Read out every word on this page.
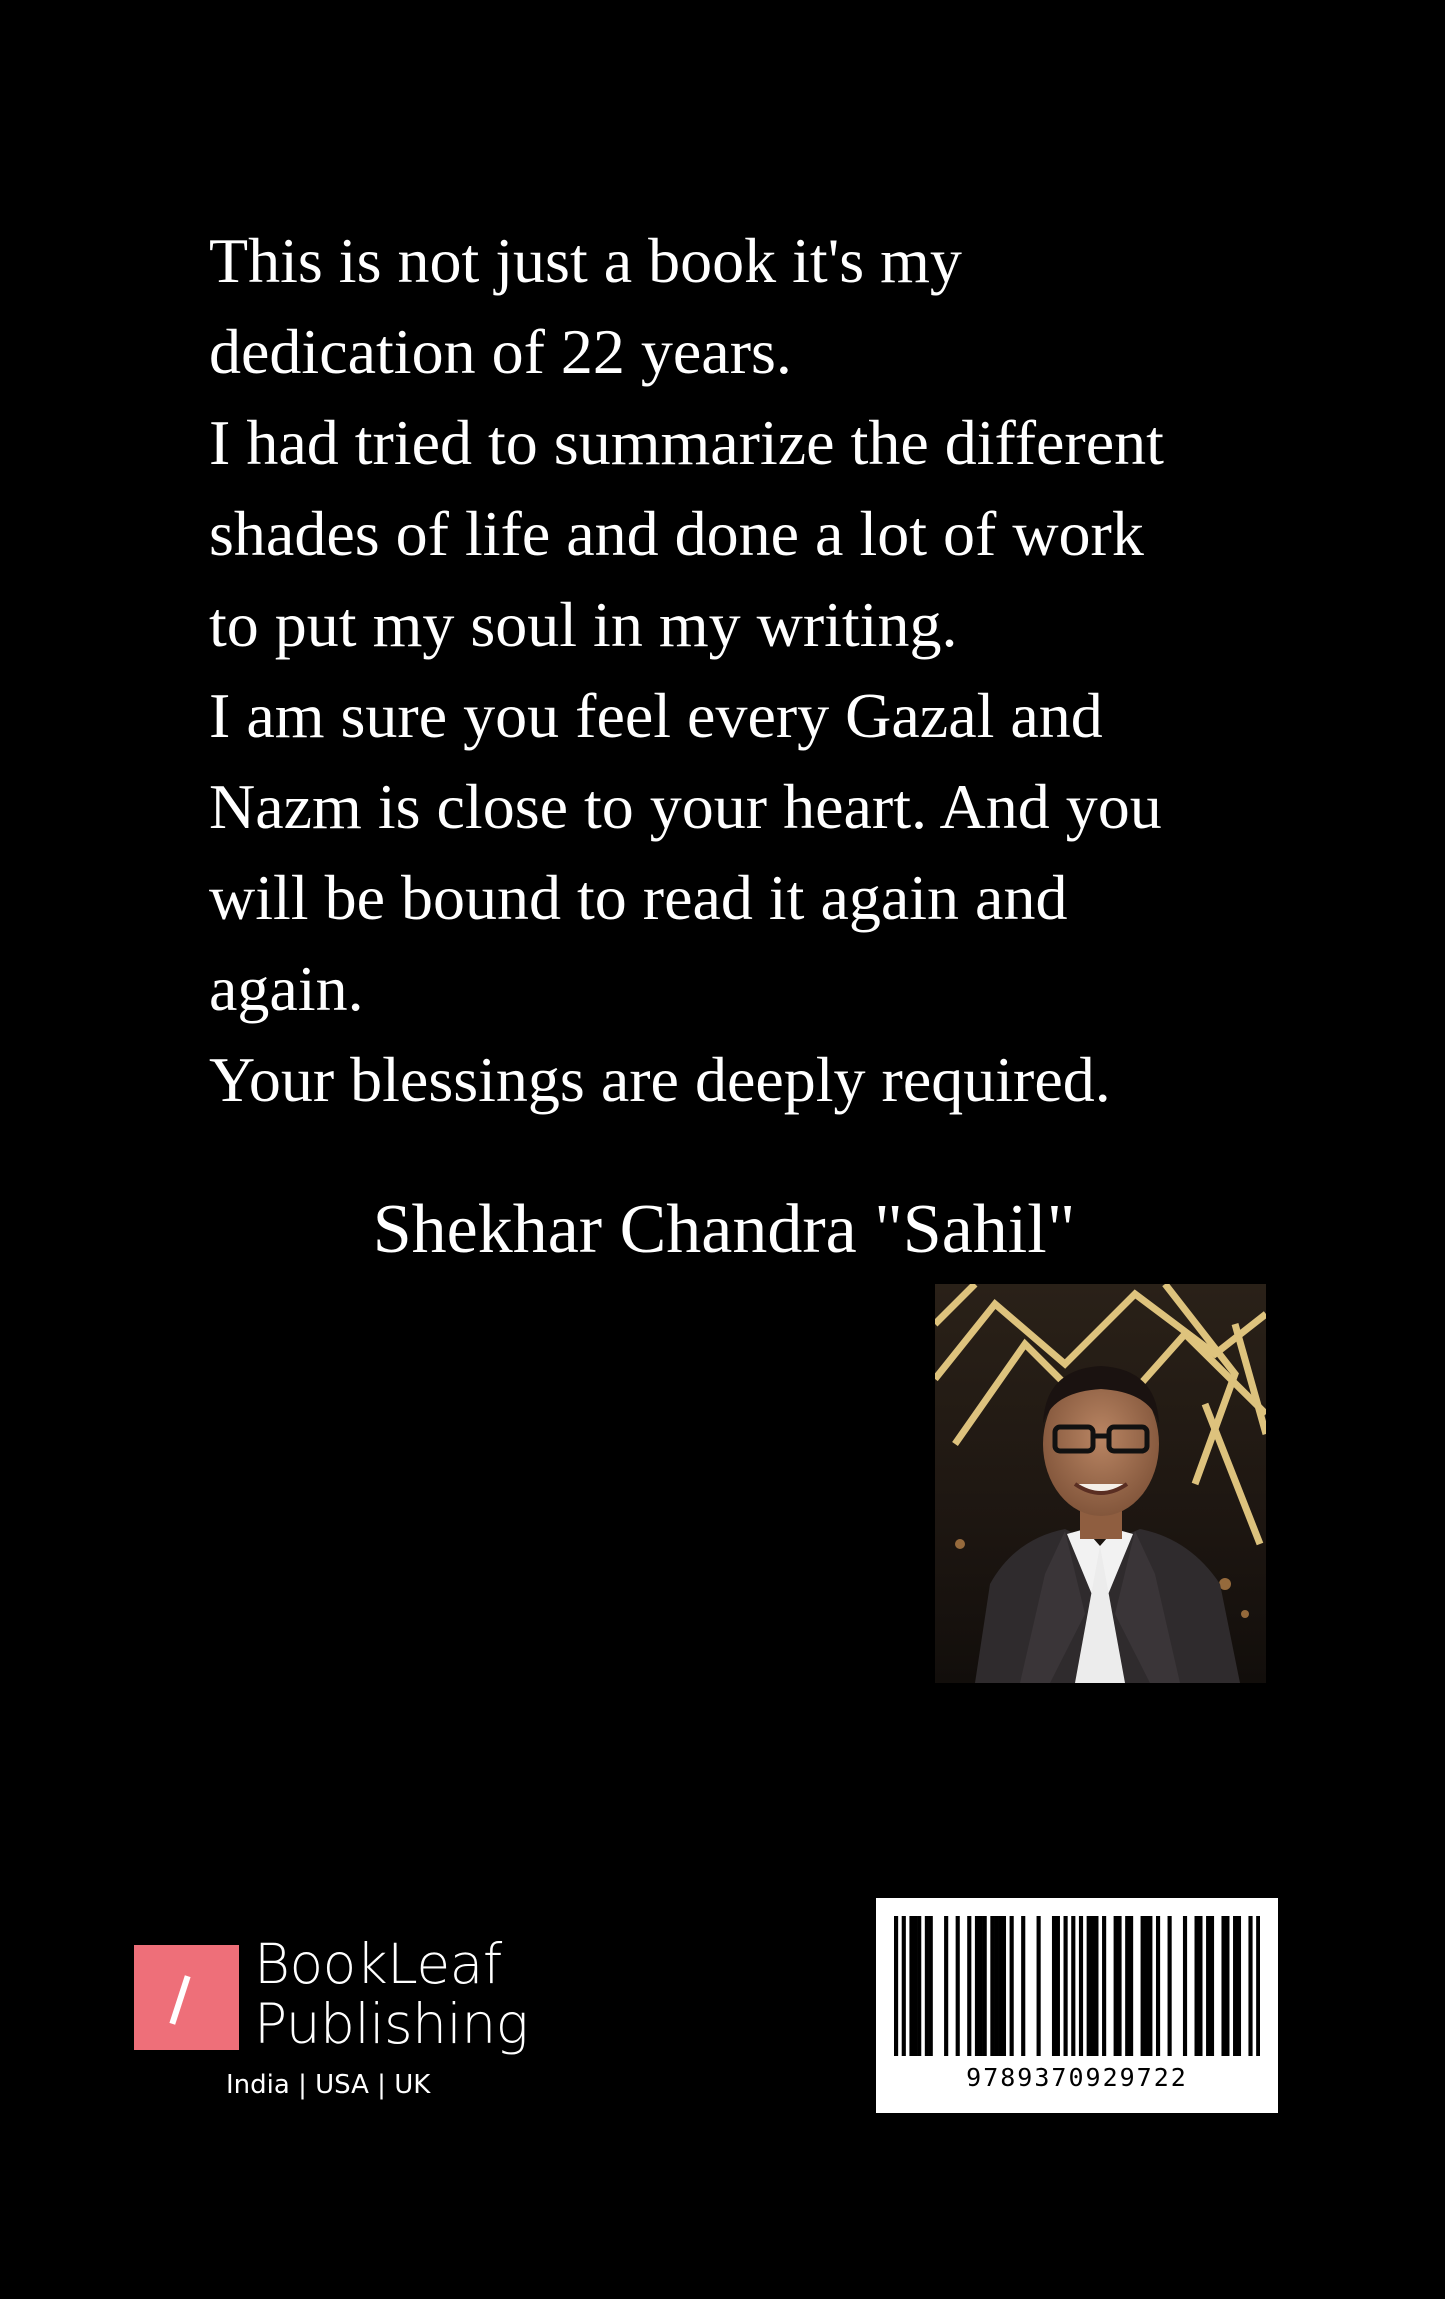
This is not just a book it's my

dedication of 22 years.

I had tried to summarize the different

shades of life and done a lot of work

to put my soul in my writing.

I am sure you feel every Gazal and

Nazm is close to your heart. And you

will be bound to read it again and

again.

Your blessings are deeply required.

Shekhar Chandra "Sahil"
BookLeaf
Publishing
India | USA | UK	9789370929722
